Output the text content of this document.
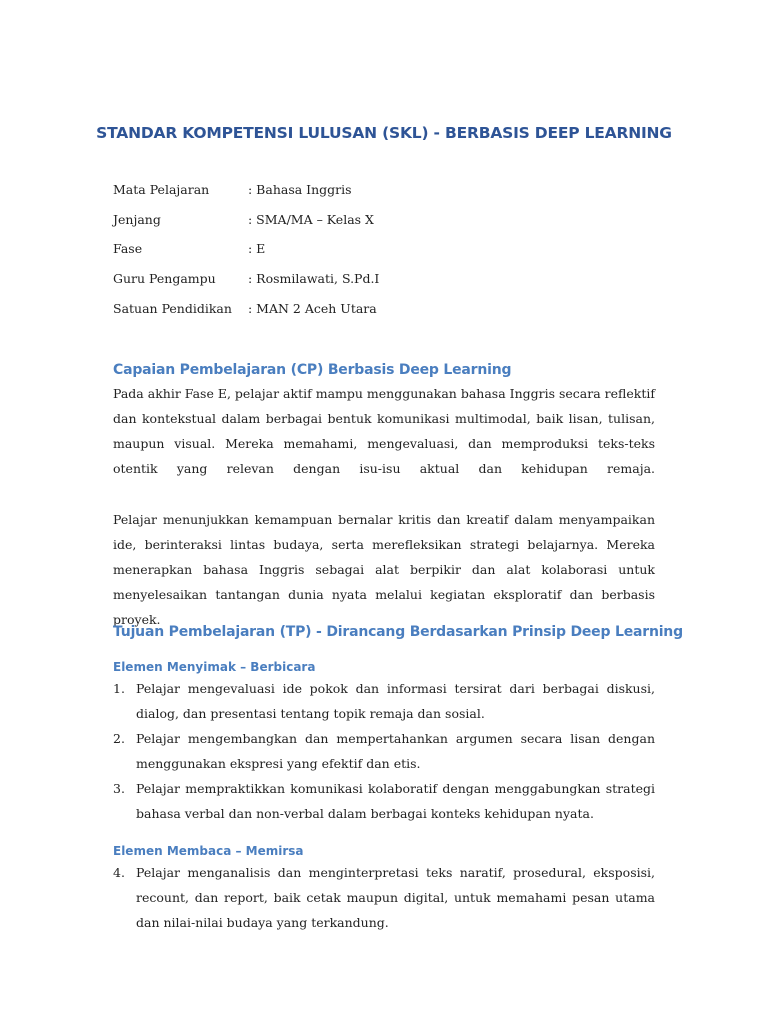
STANDAR KOMPETENSI LULUSAN (SKL) - BERBASIS DEEP LEARNING
Mata Pelajaran	: Bahasa Inggris
Jenjang	: SMA/MA – Kelas X
Fase	: E
Guru Pengampu	: Rosmilawati, S.Pd.I
Satuan Pendidikan : MAN 2 Aceh Utara
Capaian Pembelajaran (CP) Berbasis Deep Learning

Pada akhir Fase E, pelajar aktif mampu menggunakan bahasa Inggris secara reflektif dan kontekstual dalam berbagai bentuk komunikasi multimodal, baik lisan, tulisan, maupun visual. Mereka memahami, mengevaluasi, dan memproduksi teks-teks otentik yang relevan dengan isu-isu aktual dan kehidupan remaja.

Pelajar menunjukkan kemampuan bernalar kritis dan kreatif dalam menyampaikan ide, berinteraksi lintas budaya, serta merefleksikan strategi belajarnya. Mereka menerapkan bahasa Inggris sebagai alat berpikir dan alat kolaborasi untuk menyelesaikan tantangan dunia nyata melalui kegiatan eksploratif dan berbasis proyek.

Tujuan Pembelajaran (TP) - Dirancang Berdasarkan Prinsip Deep Learning
Elemen Menyimak – Berbicara
1. Pelajar mengevaluasi ide pokok dan informasi tersirat dari berbagai diskusi, dialog, dan presentasi tentang topik remaja dan sosial.

2. Pelajar mengembangkan dan mempertahankan argumen secara lisan dengan menggunakan ekspresi yang efektif dan etis.

3. Pelajar mempraktikkan komunikasi kolaboratif dengan menggabungkan strategi bahasa verbal dan non-verbal dalam berbagai konteks kehidupan nyata.

Elemen Membaca – Memirsa
4. Pelajar menganalisis dan menginterpretasi teks naratif, prosedural, eksposisi, recount, dan report, baik cetak maupun digital, untuk memahami pesan utama dan nilai-nilai budaya yang terkandung.
